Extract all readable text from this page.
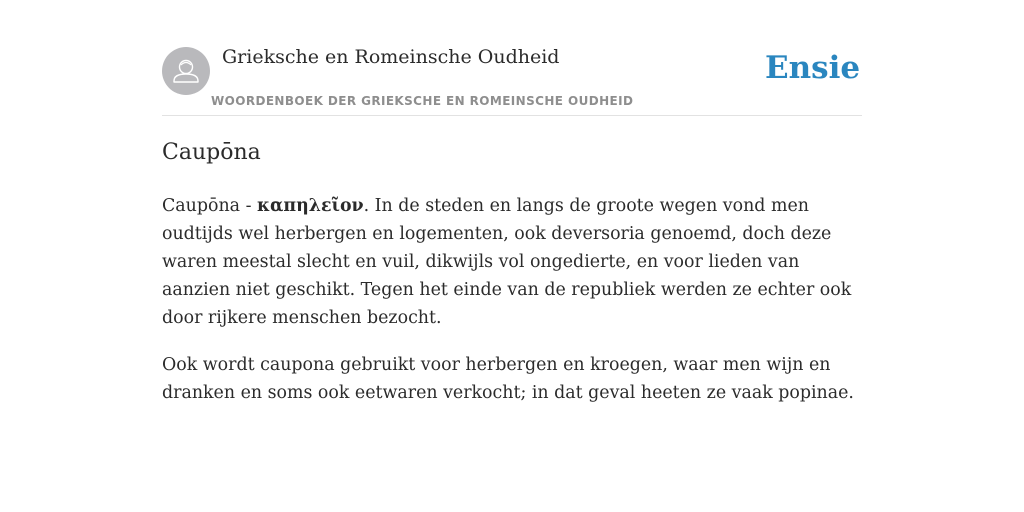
Grieksche en Romeinsche Oudheid
WOORDENBOEK DER GRIEKSCHE EN ROMEINSCHE OUDHEID
Ensie
Caupōna

Caupōna - καπηλεῖον. In de steden en langs de groote wegen vond men oudtijds wel herbergen en logementen, ook deversoria genoemd, doch deze waren meestal slecht en vuil, dikwijls vol ongedierte, en voor lieden van aanzien niet geschikt. Tegen het einde van de republiek werden ze echter ook door rijkere menschen bezocht.

Ook wordt caupona gebruikt voor herbergen en kroegen, waar men wijn en dranken en soms ook eetwaren verkocht; in dat geval heeten ze vaak popinae.
